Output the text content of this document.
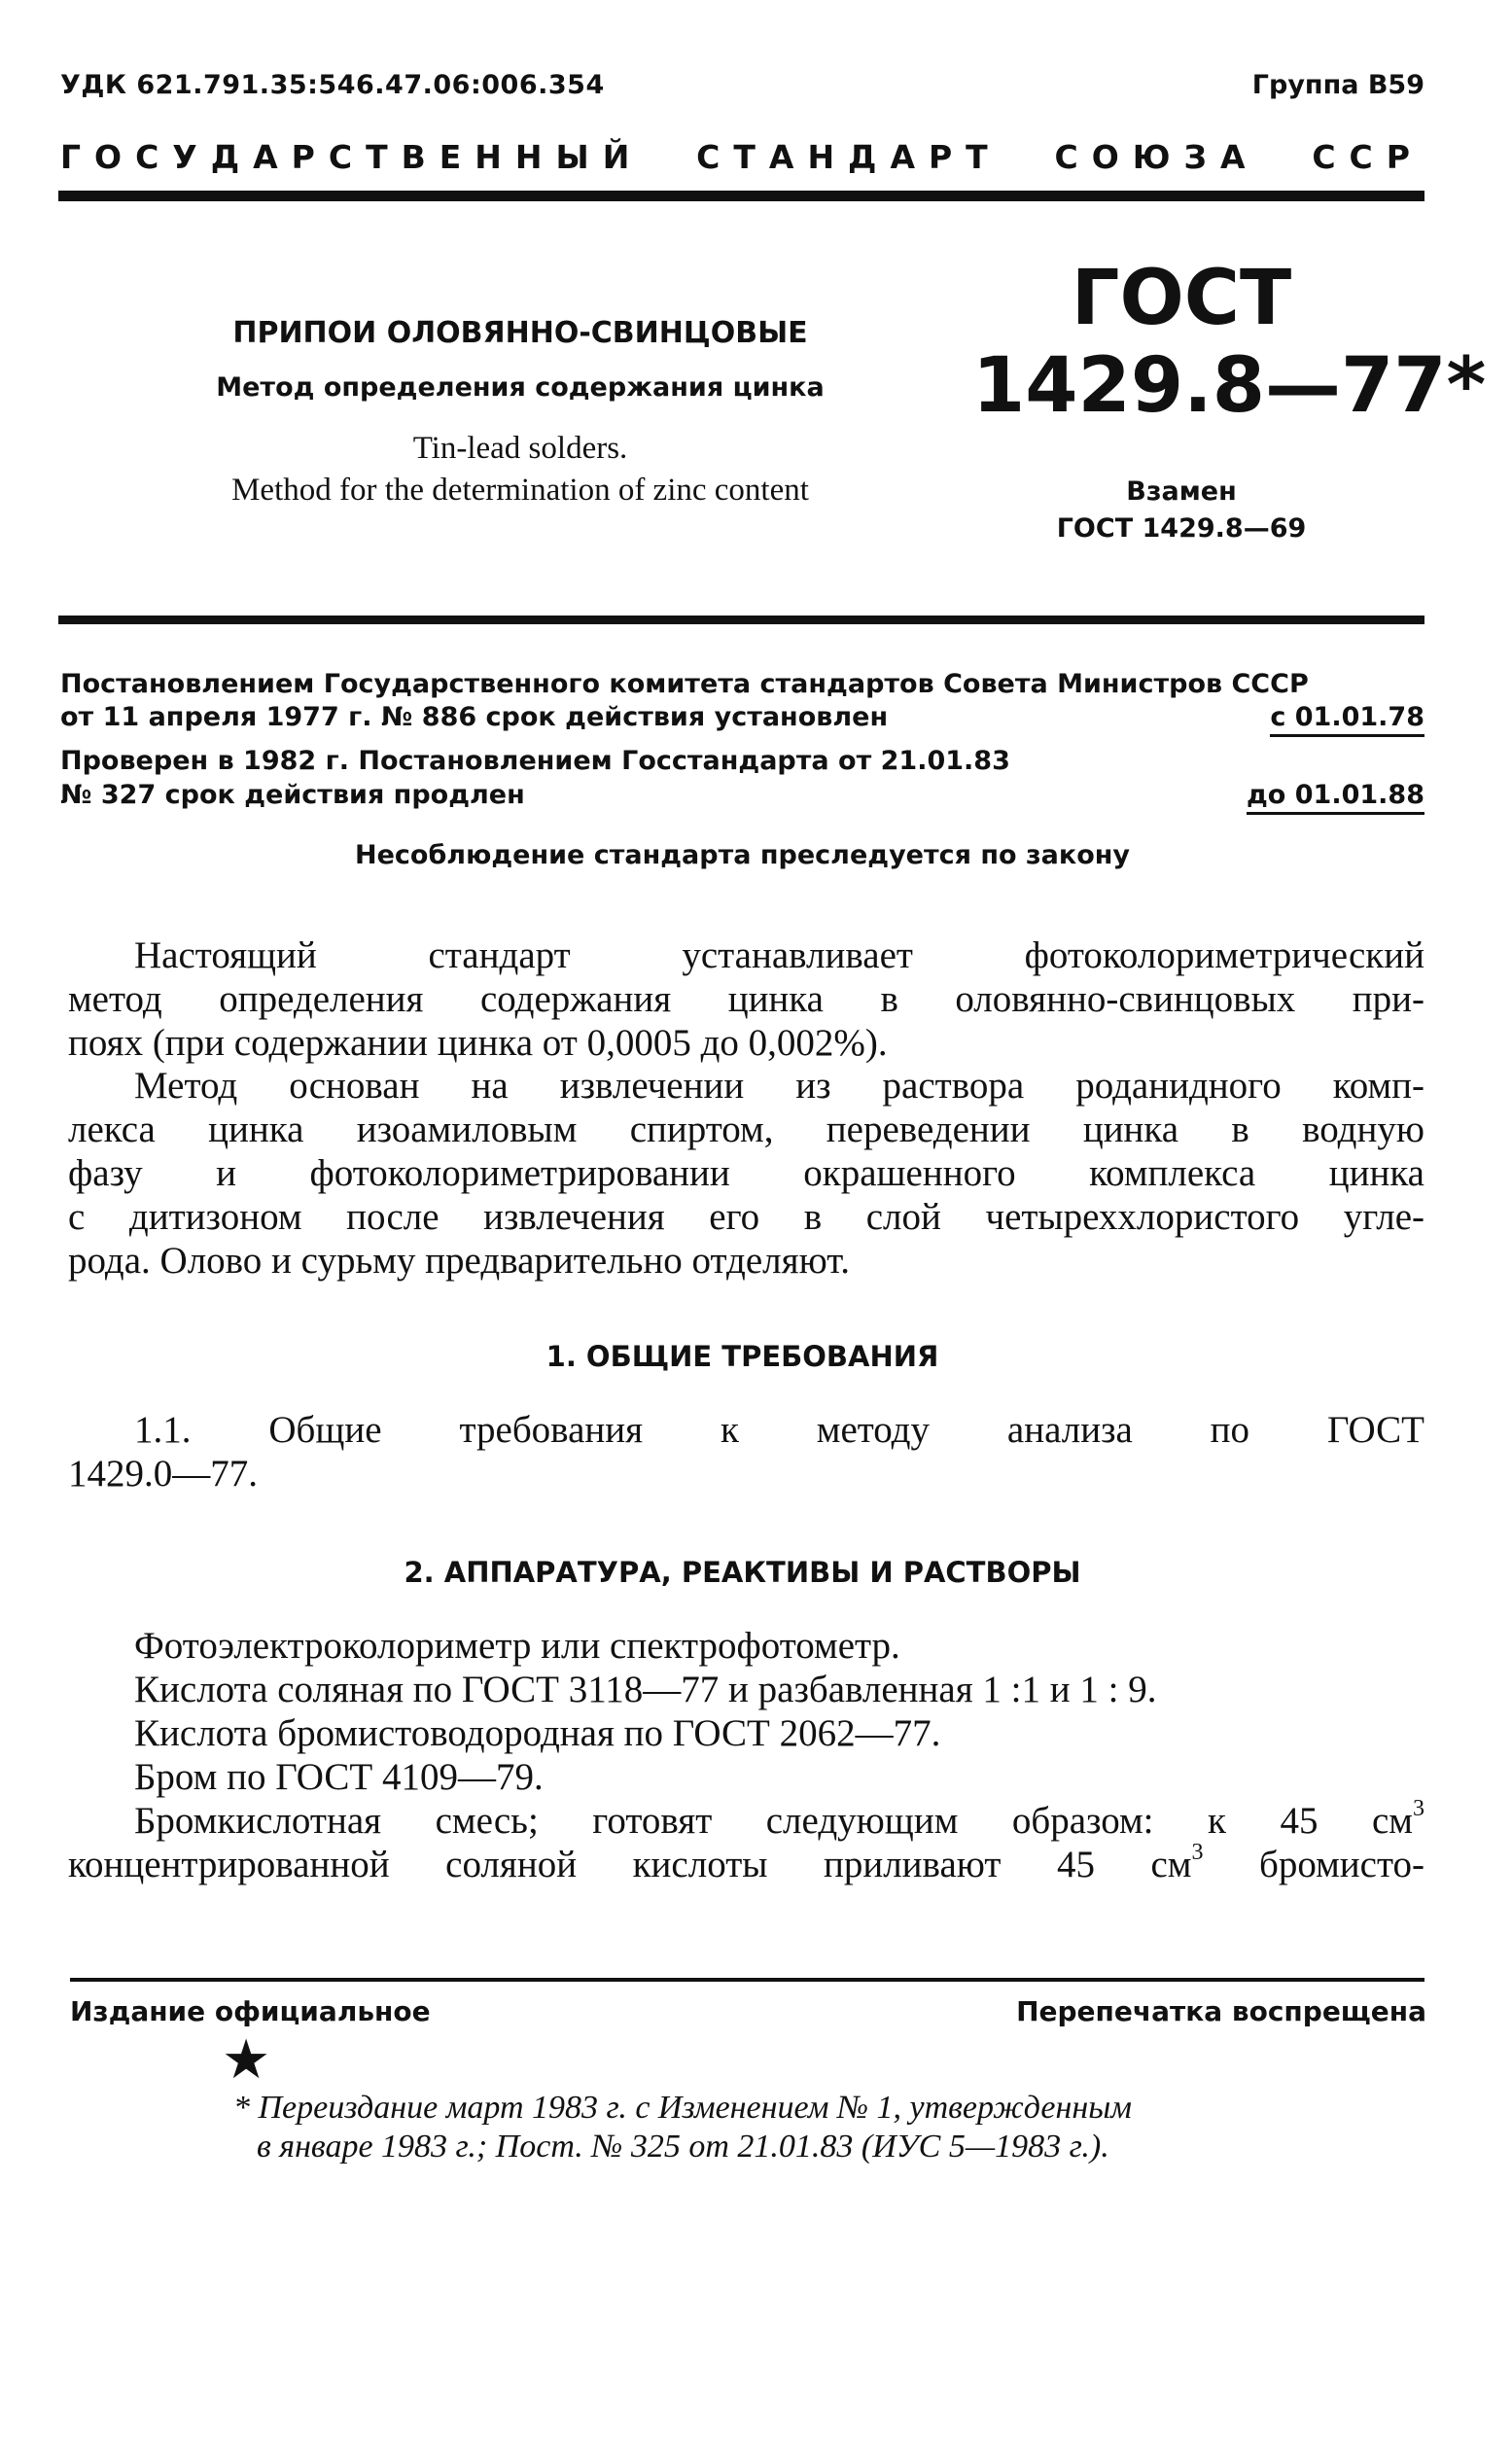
УДК 621.791.35:546.47.06:006.354	Группа В59
ГОСУДАРСТВЕННЫЙ СТАНДАРТ СОЮЗА ССР
ПРИПОИ ОЛОВЯННО-СВИНЦОВЫЕ
Метод определения содержания цинка
Tin-lead solders.
Method for the determination of zinc content
ГОСТ
1429.8—77*
Взамен
ГОСТ 1429.8—69
Постановлением Государственного комитета стандартов Совета Министров СССР
от 11 апреля 1977 г. № 886 срок действия установлен	с 01.01.78
Проверен в 1982 г. Постановлением Госстандарта от 21.01.83
№ 327 срок действия продлен	до 01.01.88
Несоблюдение стандарта преследуется по закону
Настоящий стандарт устанавливает фотоколориметрический
метод определения содержания цинка в оловянно-свинцовых при-
поях (при содержании цинка от 0,0005 до 0,002%).
Метод основан на извлечении из раствора роданидного комп-
лекса цинка изоамиловым спиртом, переведении цинка в водную
фазу и фотоколориметрировании окрашенного комплекса цинка
с дитизоном после извлечения его в слой четыреххлористого угле-
рода. Олово и сурьму предварительно отделяют.
1. ОБЩИЕ ТРЕБОВАНИЯ
1.1. Общие требования к методу анализа по ГОСТ
1429.0—77.
2. АППАРАТУРА, РЕАКТИВЫ И РАСТВОРЫ
Фотоэлектроколориметр или спектрофотометр.
Кислота соляная по ГОСТ 3118—77 и разбавленная 1 :1 и 1 : 9.
Кислота бромистоводородная по ГОСТ 2062—77.
Бром по ГОСТ 4109—79.
Бромкислотная смесь; готовят следующим образом: к 45 $см^3$
концентрированной соляной кислоты приливают 45 $см^3$ бромисто-
Издание официальное	Перепечатка воспрещена
★
* Переиздание март 1983 г. с Изменением № 1, утвержденным
в январе 1983 г.; Пост. № 325 от 21.01.83 (ИУС 5—1983 г.).
